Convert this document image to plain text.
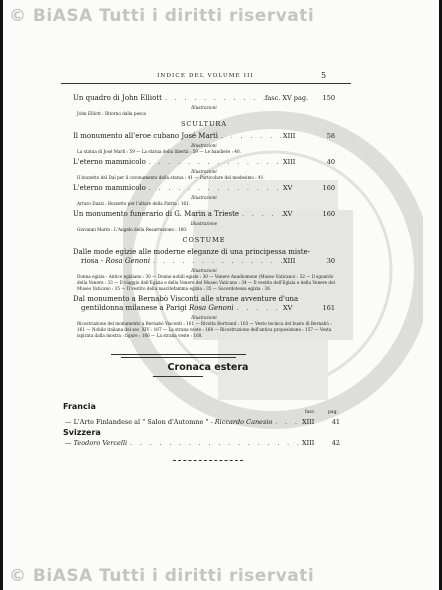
© BiASA Tutti i diritti riservati
INDICE DEL VOLUME III	5
Un quadro di John Elliott . . .	fasc. XV pag.	150
Illustrazioni
John Elliott : Ritorno dalla pesca
SCULTURA
Il monumento all'eroe cubano José Martì . . .	XIII	58
Illustrazioni
La statua di José Martì : 59 — La statua della libertà : 59 — Le bandiere : 40.
L'eterno mammicolo . . .	XIII	40
Illustrazioni
Il bozzetto del Dal per il coronamento della statua : 41 — Particolare del medesimo : 41.
L'eterno mammicolo . . .	XV	160
Illustrazioni
Arturo Dazzi : Bozzetto per l'altare della Patria : 161.
Un monumento funerario di G. Marin a Trieste . . .	XV	160
Illustrazione
Giovanni Marin : L'Angelo della Resurrezione : 160.
COSTUME
Dalle mode egizie alle moderne eleganze di una principessa miste-
riosa -
Rosa Genoni . . .	XIII	30
Illustrazioni
Donna egizia - Antico egiziano : 30 — Donne nobili egizie : 30 — Venere Anadiomene (Museo Vaticano) : 32 — Il sguardo della Venere : 33 — Il viaggio dell'Egizia e della Venere del Museo Vaticano : 34 — Il vestito dell'Egizia e della Venere del Museo Vaticano : 35 — Il vestito della nascitefamma egizia : 35 — Sacerdotessa egizia : 36
Dal monumento a Bernabò Visconti alle strane avventure d'una
gentildonna milanese a Parigi
Rosa Genoni . . .	XV	161
Illustrazioni
Ricostruzione del monumento a Bernabò Visconti : 161 — Rivolta Bertrand : 163 — Vesto tecnica del busto di Bernabò : 161 — Nobile italiana del sec. XIV : 167 — La strana veste : 168 — Ricostruzione dell'antica proposizione : 157 — Vesta ispirata dalla mostra : figure : 166 — La strana veste : 168.
Cronaca estera
Francia
fasc.	pag.
— L'Arte Finlandese al " Salon d'Automne " -
Riccardo Canesio . . .	XIII	41
Svizzera
—
Teodoro Vercelli . . .	XIII	42
© BiASA Tutti i diritti riservati
